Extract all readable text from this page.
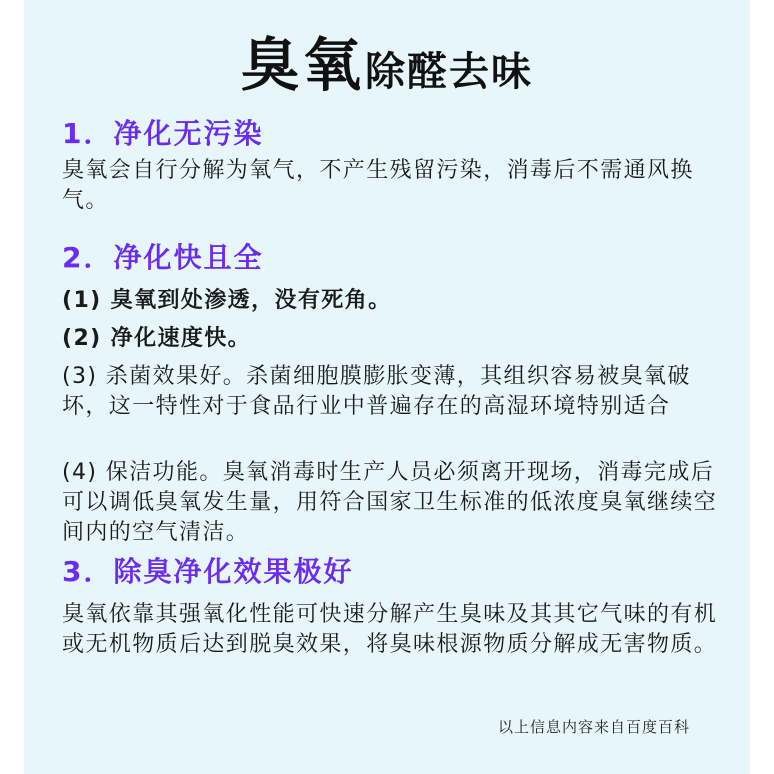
臭氧除醛去味
1．净化无污染

臭氧会自行分解为氧气，不产生残留污染，消毒后不需通风换气。

2．净化快且全

(1) 臭氧到处渗透，没有死角。

(2) 净化速度快。

(3) 杀菌效果好。杀菌细胞膜膨胀变薄，其组织容易被臭氧破坏，这一特性对于食品行业中普遍存在的高湿环境特别适合

(4) 保洁功能。臭氧消毒时生产人员必须离开现场，消毒完成后可以调低臭氧发生量，用符合国家卫生标准的低浓度臭氧继续空间内的空气清洁。

3．除臭净化效果极好

臭氧依靠其强氧化性能可快速分解产生臭味及其其它气味的有机或无机物质后达到脱臭效果，将臭味根源物质分解成无害物质。

以上信息内容来自百度百科
